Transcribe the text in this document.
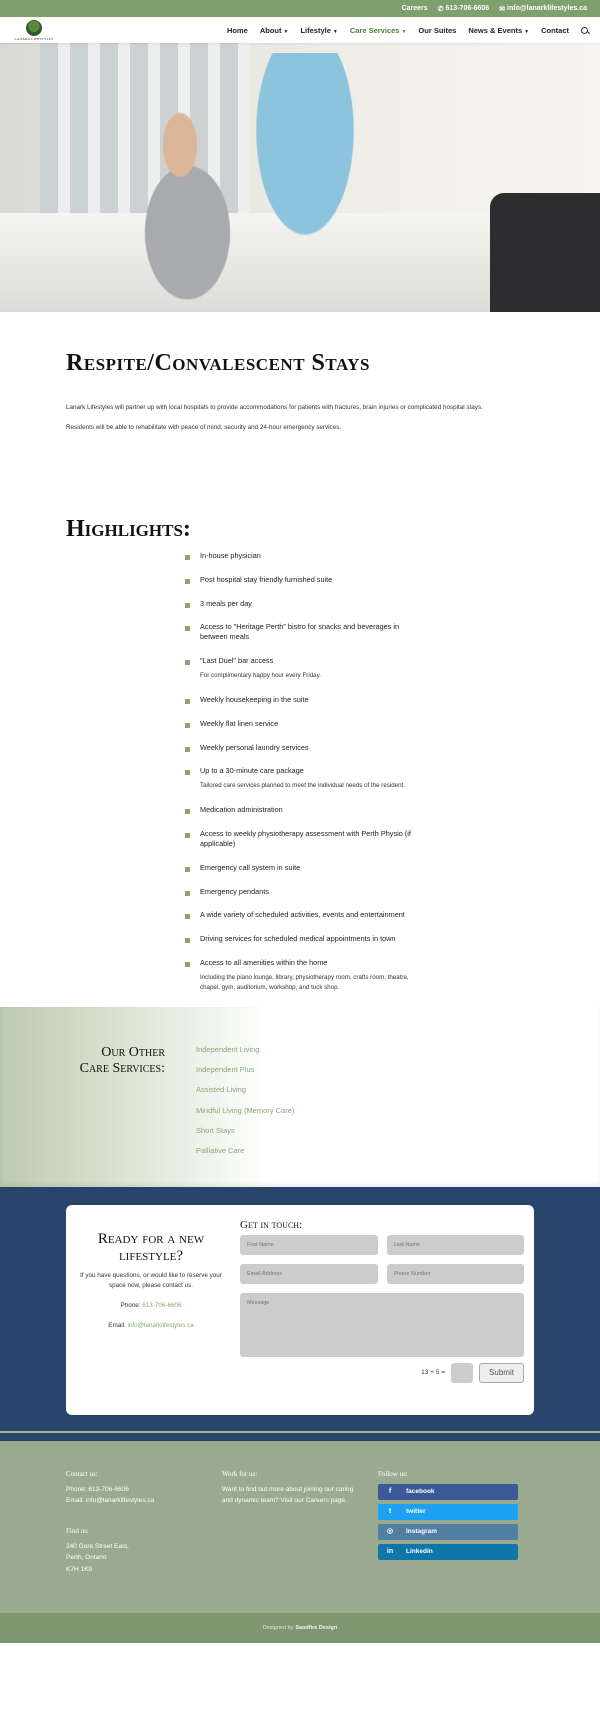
Careers ✆ 613-706-6606 ✉ info@lanarklifestyles.ca
LANARK LIFESTYLES
Home About ▼ Lifestyle ▼ Care Services ▼ Our Suites News & Events ▼ Contact
Respite/Convalescent Stays

Lanark Lifestyles will partner up with local hospitals to provide accommodations for patients with fractures, brain injuries or complicated hospital stays.

Residents will be able to rehabilitate with peace of mind, security and 24-hour emergency services.

Highlights:
In-house physician
Post hospital stay friendly furnished suite
3 meals per day
Access to "Heritage Perth" bistro for snacks and beverages in between meals
"Last Duel" bar access
For complimentary happy hour every Friday.
Weekly housekeeping in the suite
Weekly flat linen service
Weekly personal laundry services
Up to a 30-minute care package
Tailored care services planned to meet the individual needs of the resident.
Medication administration
Access to weekly physiotherapy assessment with Perth Physio (if applicable)
Emergency call system in suite
Emergency pendants
A wide variety of scheduled activities, events and entertainment
Driving services for scheduled medical appointments in town
Access to all amenities within the home
Including the piano lounge, library, physiotherapy room, crafts room, theatre, chapel, gym, auditorium, workshop, and tuck shop.
Our Other
Care Services:
Independent Living
Independent Plus
Assisted Living
Mindful Living (Memory Care)
Short Stays
Palliative Care
Ready for a new
lifestyle?

If you have questions, or would like to reserve your space now, please contact us.

Phone: 613-706-6606

Email: info@lanarklifestyles.ca

Get in touch:
First Name
Last Name
Email Address
Phone Number
Message
13 + 5 =	Submit
Contact us:
Phone: 613-706-6606
Email: info@lanarklifestyles.ca
Find us:
240 Gore Street East,
Perth, Ontario
K7H 1K9
Work for us:
Want to find out more about joining our caring and dynamic team? Visit our Careers page.
Follow us:
f	facebook
t	twitter
◎ Instagram
in Linkedin
Designed by Sandfire Design
